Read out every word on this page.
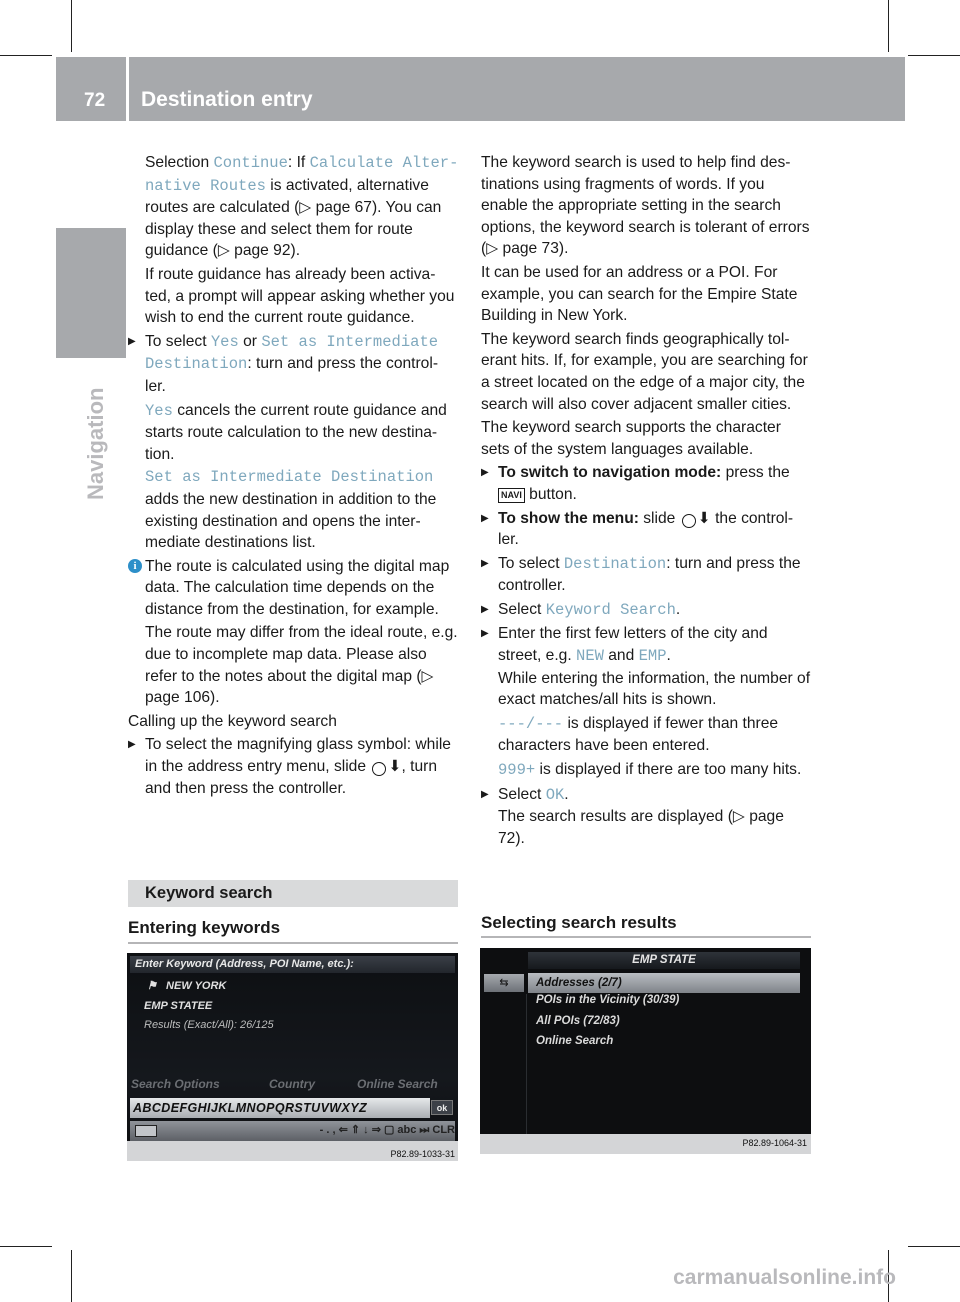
72 Destination entry
Navigation
Selection Continue: If Calculate Alter‐ native Routes is activated, alternative routes are calculated (▷ page 67). You can display these and select them for route guidance (▷ page 92).
If route guidance has already been activa‐ ted, a prompt will appear asking whether you wish to end the current route guidance.
▶ To select Yes or Set as Intermediate Destination: turn and press the control‐ ler.
Yes cancels the current route guidance and starts route calculation to the new destina‐ tion.
Set as Intermediate Destination
adds the new destination in addition to the existing destination and opens the inter‐ mediate destinations list.
i The route is calculated using the digital map data. The calculation time depends on the distance from the destination, for example.
The route may differ from the ideal route, e.g. due to incomplete map data. Please also refer to the notes about the digital map (▷ page 106).
Calling up the keyword search
▶ To select the magnifying glass symbol: while in the address entry menu, slide ⬇, turn and then press the controller.
Keyword search
Entering keywords
Enter Keyword (Address, POI Name, etc.):
⚑ NEW YORK
EMP STATEE
Results (Exact/All): 26/125
Search Options	Country	Online Search
ABCDEFGHIJKLMNOPQRSTUVWXYZ	ok
- . , ⇐ ⇑ ↓ ⇒ ▢ abc ⏭ CLR
P82.89-1033-31
The keyword search is used to help find des‐ tinations using fragments of words. If you enable the appropriate setting in the search options, the keyword search is tolerant of errors (▷ page 73).
It can be used for an address or a POI. For example, you can search for the Empire State Building in New York.
The keyword search finds geographically tol‐ erant hits. If, for example, you are searching for a street located on the edge of a major city, the search will also cover adjacent smaller cities.
The keyword search supports the character sets of the system languages available.
▶ To switch to navigation mode: press the
NAVI button.
▶ To show the menu: slide ⬇ the control‐ ler.
▶ To select Destination: turn and press the controller.
▶ Select Keyword Search.
▶ Enter the first few letters of the city and street, e.g. NEW and EMP.
While entering the information, the number of exact matches/all hits is shown.
---/--- is displayed if fewer than three characters have been entered.
999+ is displayed if there are too many hits.
▶ Select OK.
The search results are displayed (▷ page 72).
Selecting search results
EMP STATE
⇆	Addresses (2/7)
POIs in the Vicinity (30/39)
All POIs (72/83)
Online Search
P82.89-1064-31
carmanualsonline.info
